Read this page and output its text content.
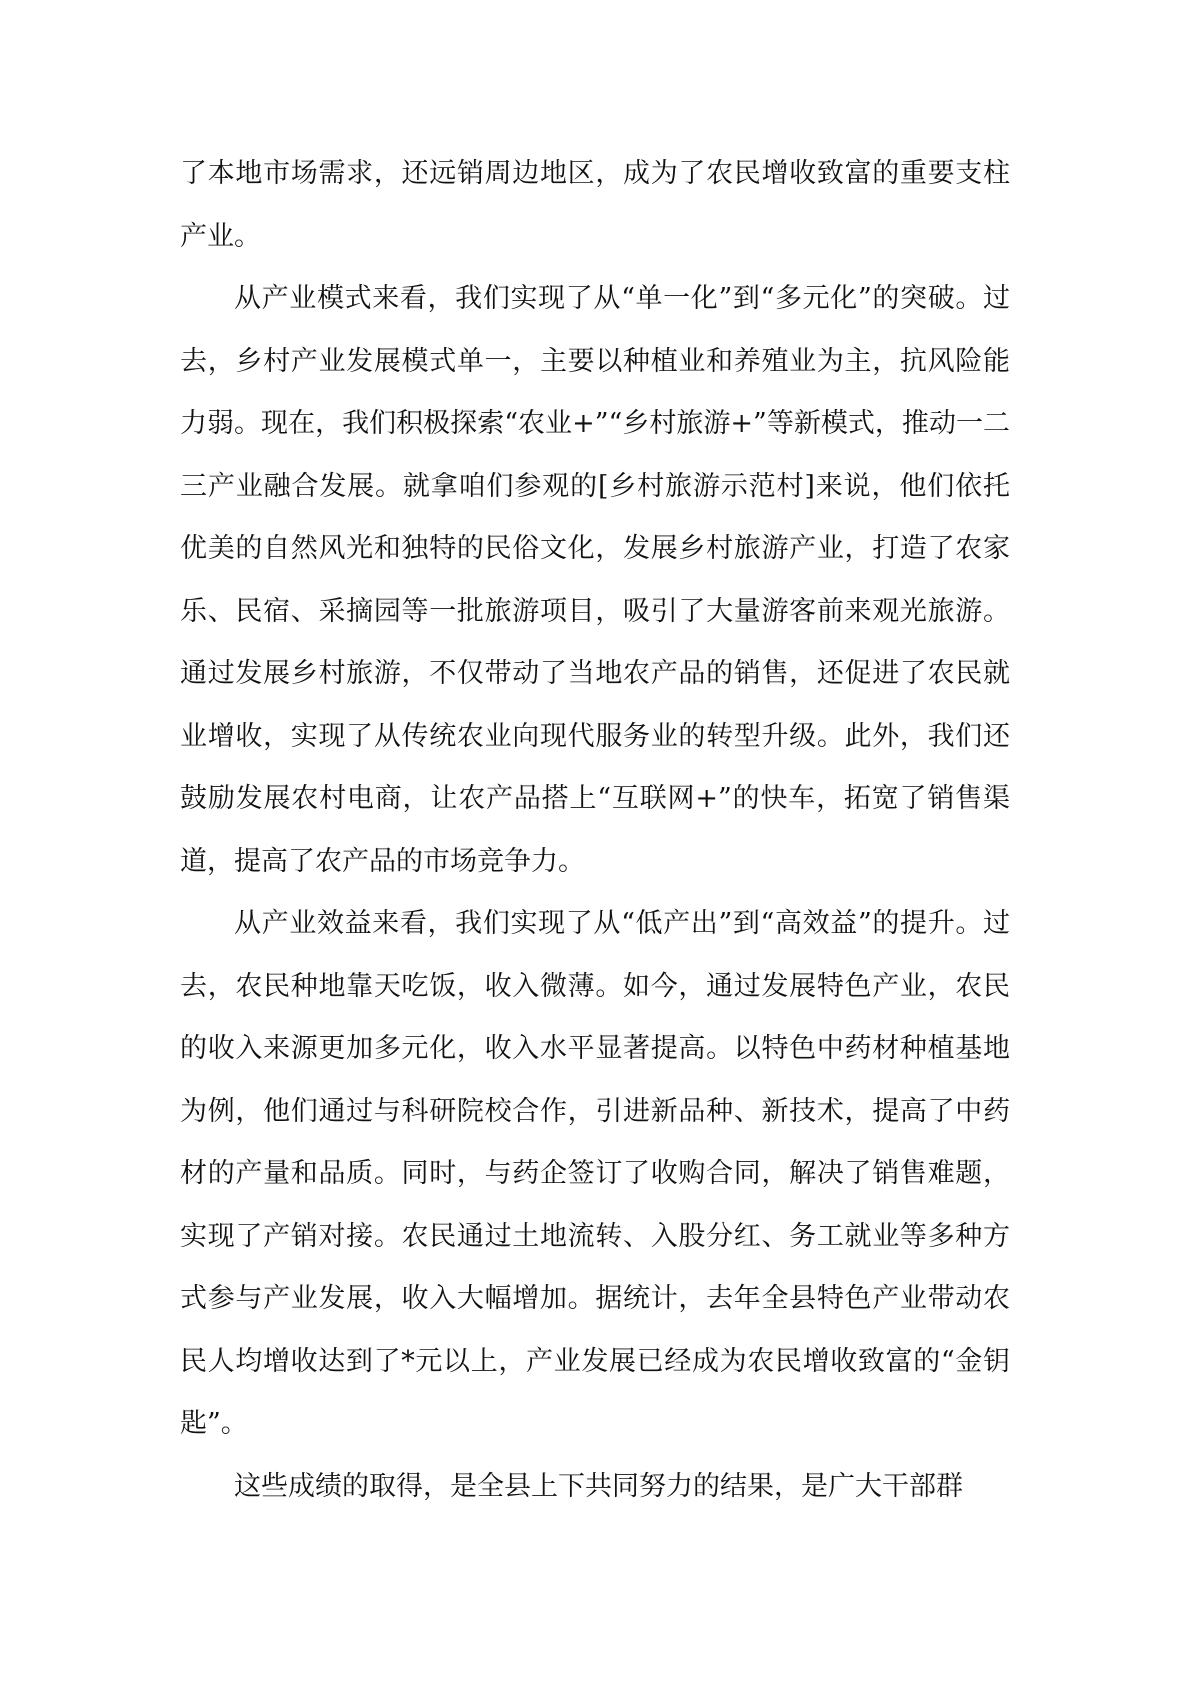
了本地市场需求，还远销周边地区，成为了农民增收致富的重要支柱产业。

从产业模式来看，我们实现了从“单一化”到“多元化”的突破。过去，乡村产业发展模式单一，主要以种植业和养殖业为主，抗风险能力弱。现在，我们积极探索“农业+”“乡村旅游+”等新模式，推动一二三产业融合发展。就拿咱们参观的[乡村旅游示范村]来说，他们依托优美的自然风光和独特的民俗文化，发展乡村旅游产业，打造了农家乐、民宿、采摘园等一批旅游项目，吸引了大量游客前来观光旅游。通过发展乡村旅游，不仅带动了当地农产品的销售，还促进了农民就业增收，实现了从传统农业向现代服务业的转型升级。此外，我们还鼓励发展农村电商，让农产品搭上“互联网+”的快车，拓宽了销售渠道，提高了农产品的市场竞争力。

从产业效益来看，我们实现了从“低产出”到“高效益”的提升。过去，农民种地靠天吃饭，收入微薄。如今，通过发展特色产业，农民的收入来源更加多元化，收入水平显著提高。以特色中药材种植基地为例，他们通过与科研院校合作，引进新品种、新技术，提高了中药材的产量和品质。同时，与药企签订了收购合同，解决了销售难题，实现了产销对接。农民通过土地流转、入股分红、务工就业等多种方式参与产业发展，收入大幅增加。据统计，去年全县特色产业带动农民人均增收达到了*元以上，产业发展已经成为农民增收致富的“金钥匙”。

这些成绩的取得，是全县上下共同努力的结果，是广大干部群
